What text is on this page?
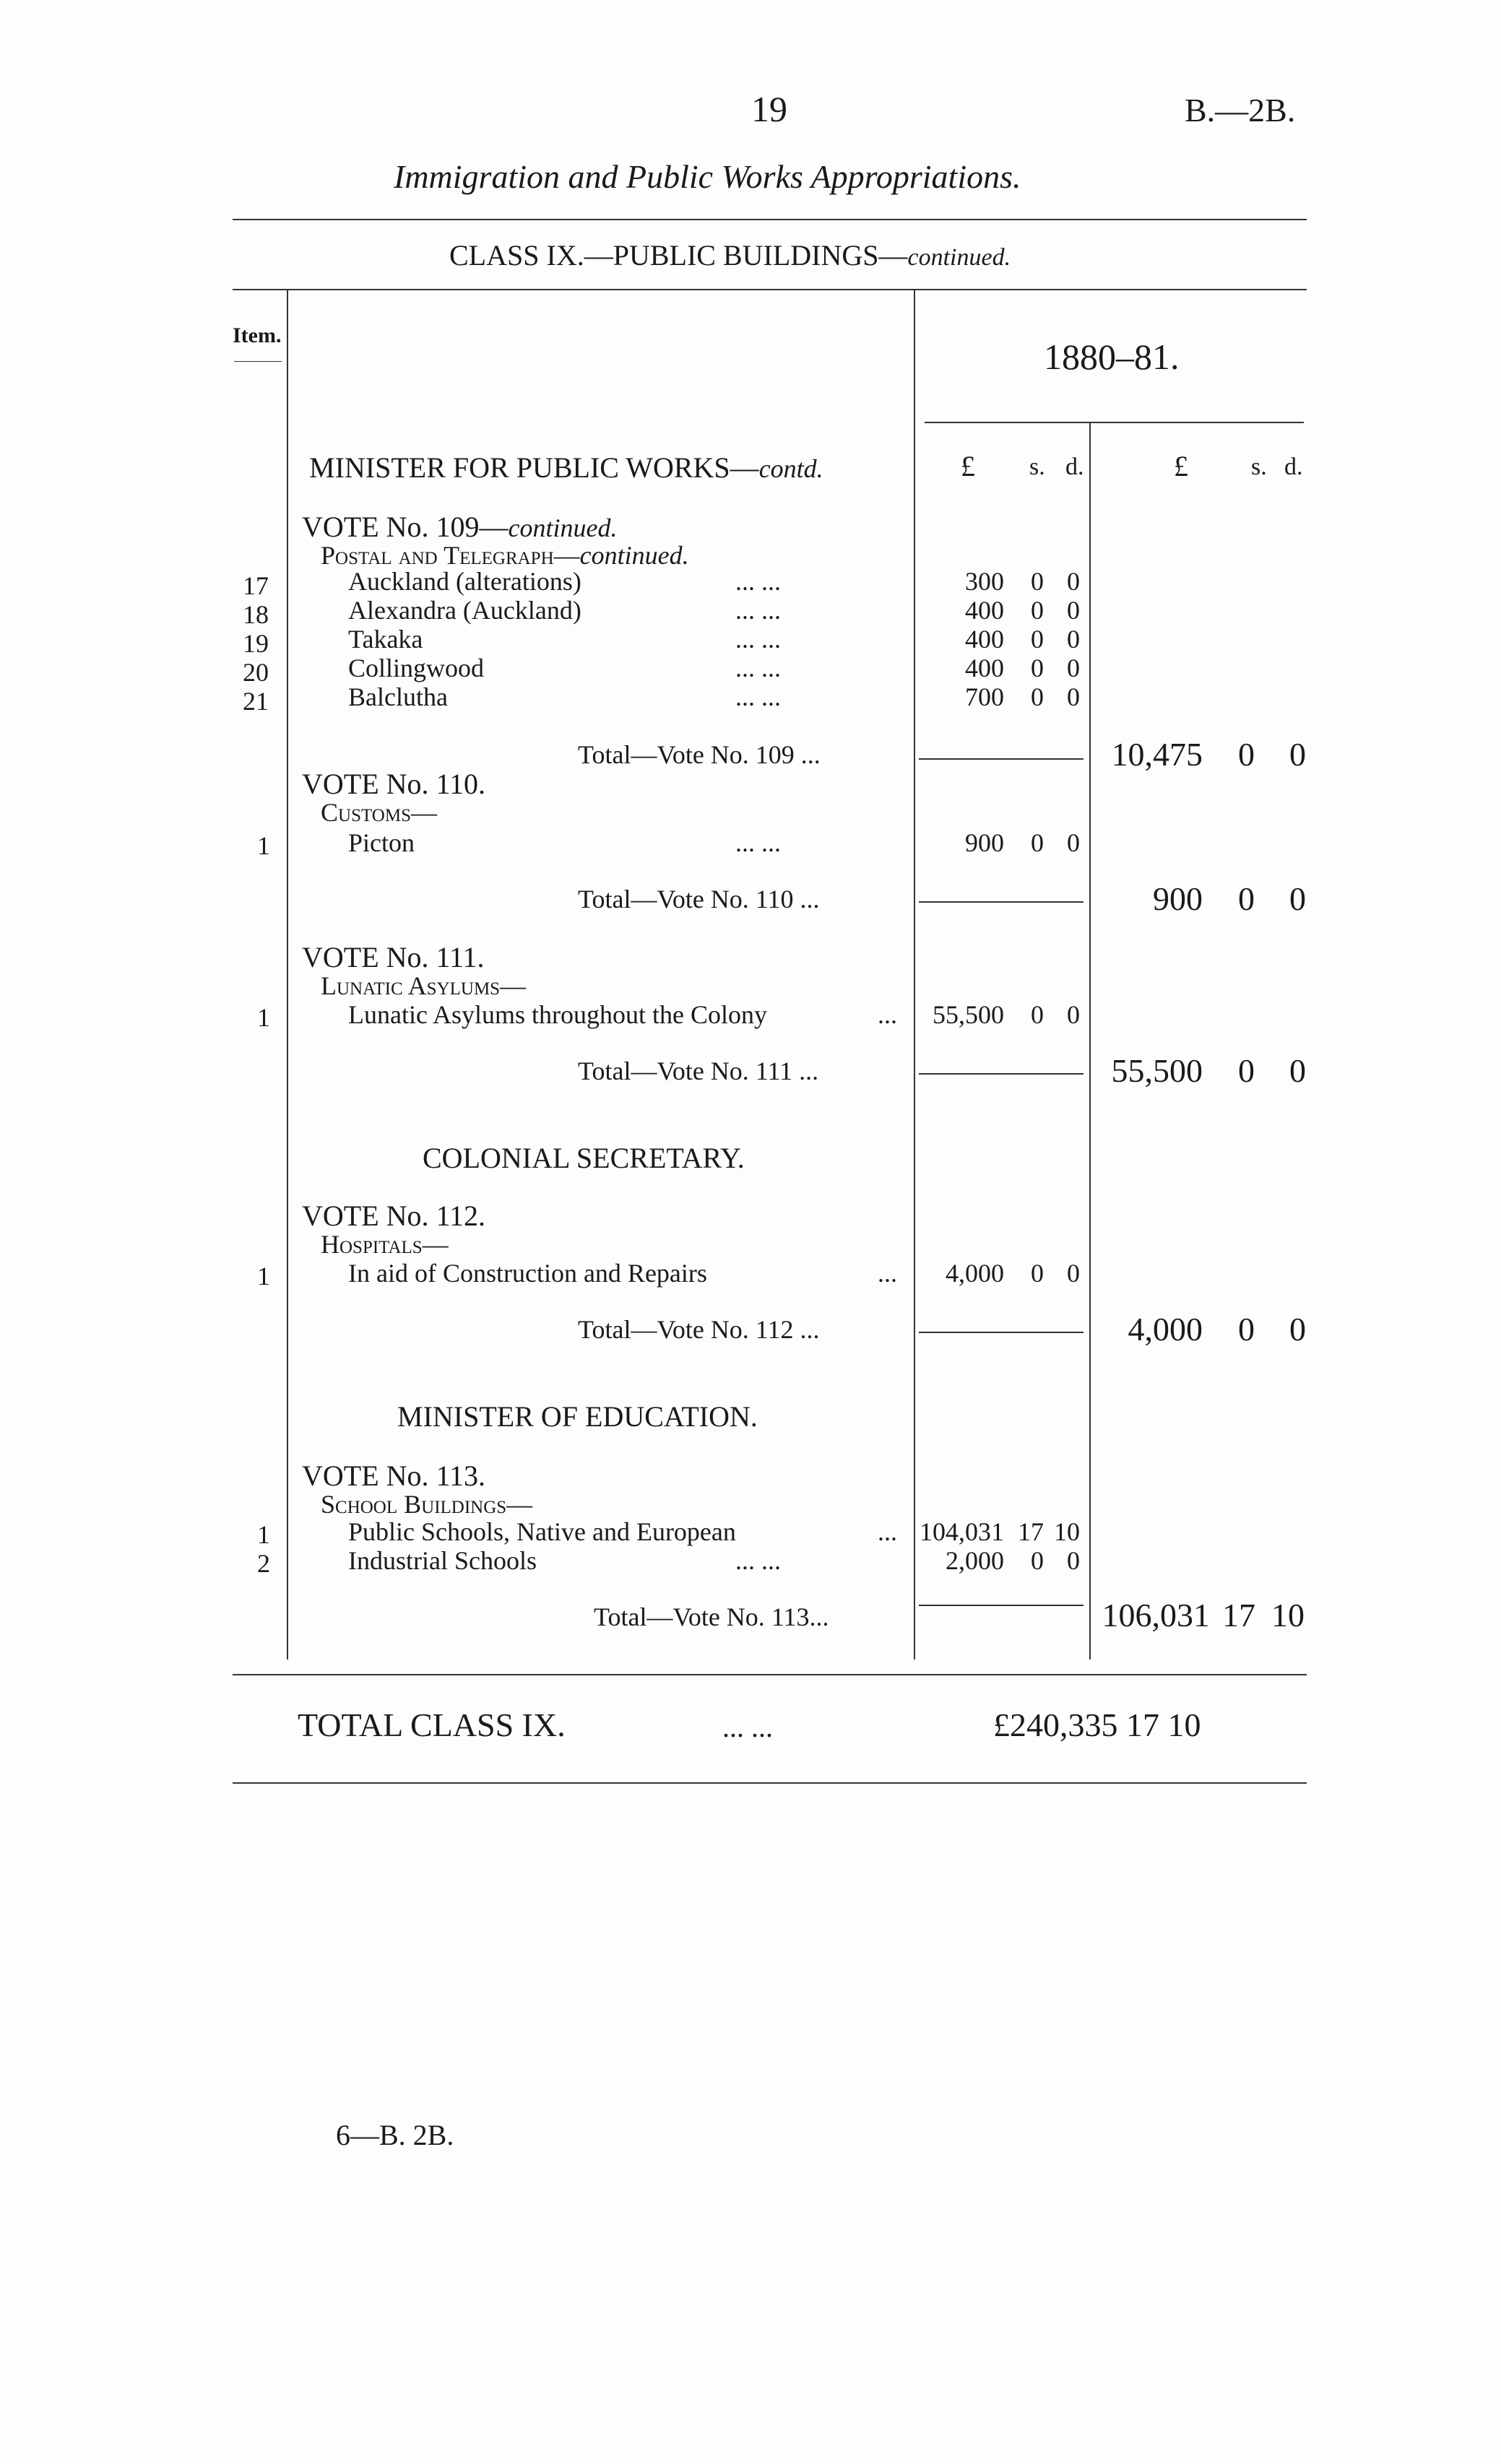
19	B.—2B.
Immigration and Public Works Appropriations.
CLASS IX.—PUBLIC BUILDINGS—continued.
Item.
1880–81.
£ s. d.	£	s. d.
MINISTER FOR PUBLIC WORKS—contd.
VOTE No. 109—continued.
Postal and Telegraph—continued.
17	Auckland (alterations)	... ...	300	0 0
18	Alexandra (Auckland)	... ...	400	0 0
19	Takaka	... ...	400	0 0
20	Collingwood	... ...	400	0 0
21	Balclutha	... ...	700	0 0
Total—Vote No. 109 ...	10,475 0 0
VOTE No. 110.
Customs—
1	Picton	... ...	900	0 0
Total—Vote No. 110 ...	900 0 0
VOTE No. 111.
Lunatic Asylums—
1	Lunatic Asylums throughout the Colony	...	55,500	0 0
Total—Vote No. 111 ...	55,500 0 0
COLONIAL SECRETARY.
VOTE No. 112.
Hospitals—
1	In aid of Construction and Repairs	...	4,000	0 0
Total—Vote No. 112 ...	4,000 0 0
MINISTER OF EDUCATION.
VOTE No. 113.
School Buildings—
1	Public Schools, Native and European	... 104,031 17 10
2	Industrial Schools	... ...	2,000	0 0
Total—Vote No. 113...	106,031 17 10
TOTAL CLASS IX.	... ...	£240,335 17 10
6—B. 2B.
